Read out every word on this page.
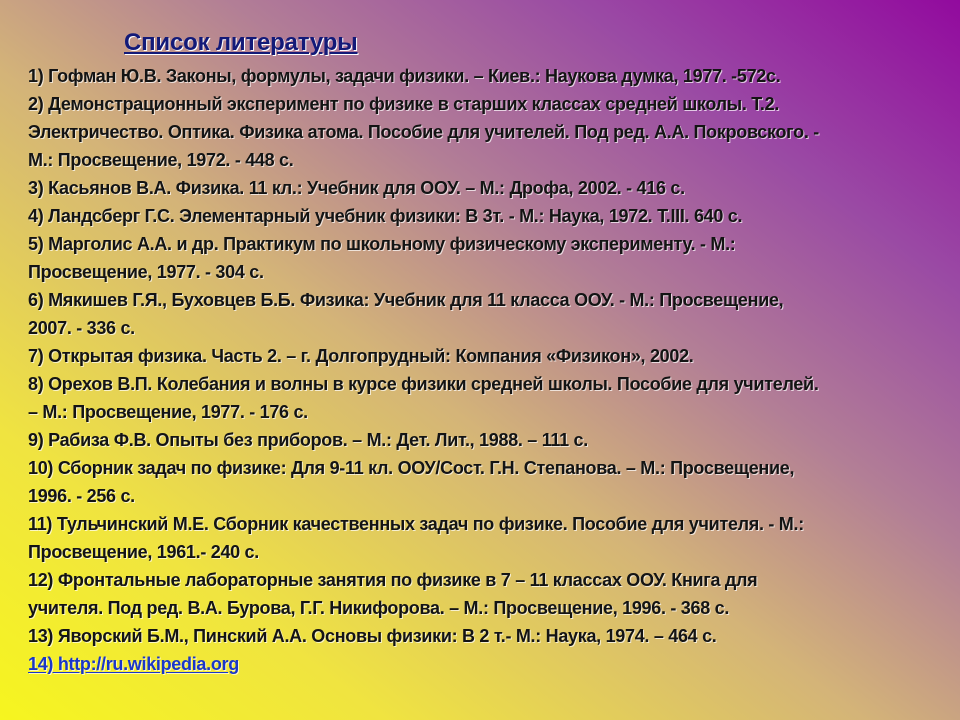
Список литературы

1) Гофман Ю.В. Законы, формулы, задачи физики. – Киев.: Наукова думка, 1977. -572с.

2) Демонстрационный эксперимент по физике в старших классах средней школы. Т.2.
Электричество. Оптика. Физика атома. Пособие для учителей. Под ред. А.А. Покровского. -
М.: Просвещение, 1972. - 448 с.

3) Касьянов В.А. Физика. 11 кл.: Учебник для ООУ. – М.: Дрофа, 2002. - 416 с.

4) Ландсберг Г.С. Элементарный учебник физики: В 3т. - М.: Наука, 1972. Т.III. 640 с.

5) Марголис А.А. и др. Практикум по школьному физическому эксперименту. - М.:
Просвещение, 1977. - 304 с.

6) Мякишев Г.Я., Буховцев Б.Б. Физика: Учебник для 11 класса ООУ. - М.: Просвещение,
2007. - 336 с.

7) Открытая физика. Часть 2. – г. Долгопрудный: Компания «Физикон», 2002.

8) Орехов В.П. Колебания и волны в курсе физики средней школы. Пособие для учителей.
– М.: Просвещение, 1977. - 176 с.

9) Рабиза Ф.В. Опыты без приборов. – М.: Дет. Лит., 1988. – 111 с.

10) Сборник задач по физике: Для 9-11 кл. ООУ/Сост. Г.Н. Степанова. – М.: Просвещение,
1996. - 256 с.

11) Тульчинский М.Е. Сборник качественных задач по физике. Пособие для учителя. - М.:
Просвещение, 1961.- 240 с.

12) Фронтальные лабораторные занятия по физике в 7 – 11 классах ООУ. Книга для
учителя. Под ред. В.А. Бурова, Г.Г. Никифорова. – М.: Просвещение, 1996. - 368 с.

13) Яворский Б.М., Пинский А.А. Основы физики: В 2 т.- М.: Наука, 1974. – 464 с.

14) http://ru.wikipedia.org
